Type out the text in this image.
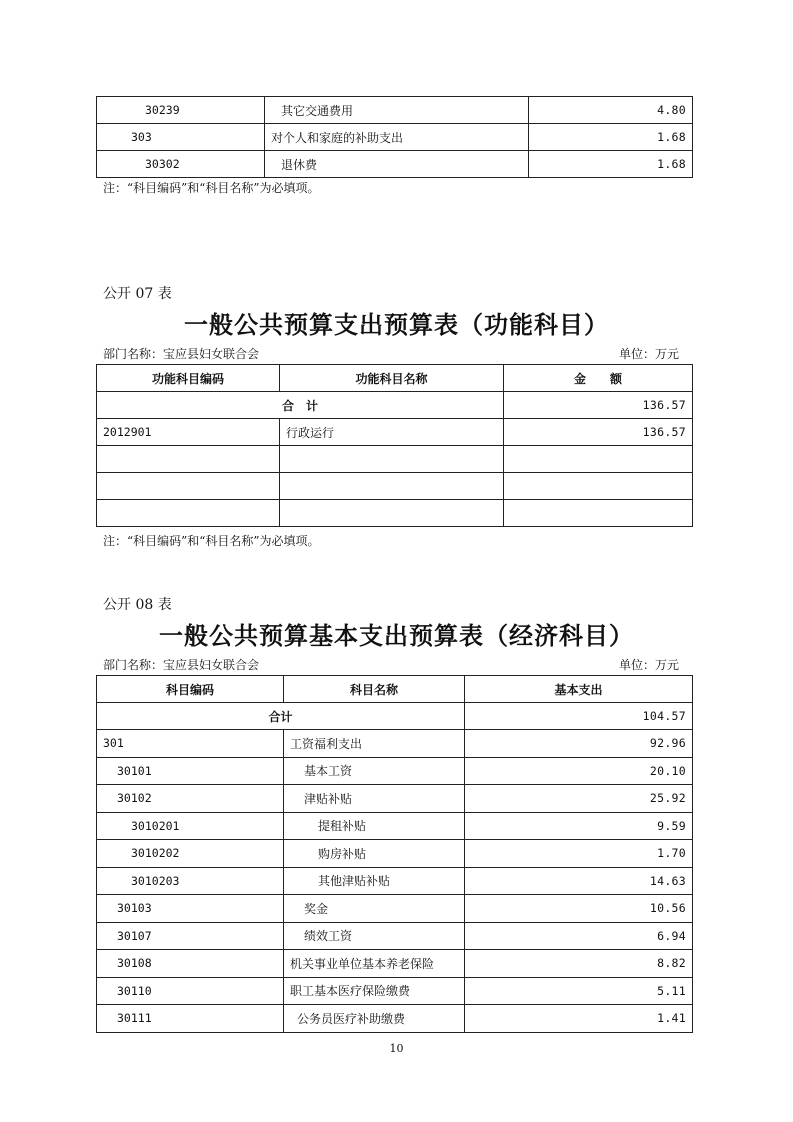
30239	其它交通费用	4.80
303	对个人和家庭的补助支出	1.68
30302	退休费	1.68
注：“科目编码”和“科目名称”为必填项。
公开 07 表
一般公共预算支出预算表（功能科目）
部门名称：宝应县妇女联合会	单位：万元
功能科目编码	功能科目名称	金　　额
合　计		136.57
2012901	行政运行	136.57

注：“科目编码”和“科目名称”为必填项。
公开 08 表
一般公共预算基本支出预算表（经济科目）
部门名称：宝应县妇女联合会	单位：万元
科目编码	科目名称	基本支出
合计		104.57
301	工资福利支出	92.96
30101	基本工资	20.10
30102	津贴补贴	25.92
3010201	提租补贴	9.59
3010202	购房补贴	1.70
3010203	其他津贴补贴	14.63
30103	奖金	10.56
30107	绩效工资	6.94
30108	机关事业单位基本养老保险	8.82
30110	职工基本医疗保险缴费	5.11
30111	公务员医疗补助缴费	1.41
10
